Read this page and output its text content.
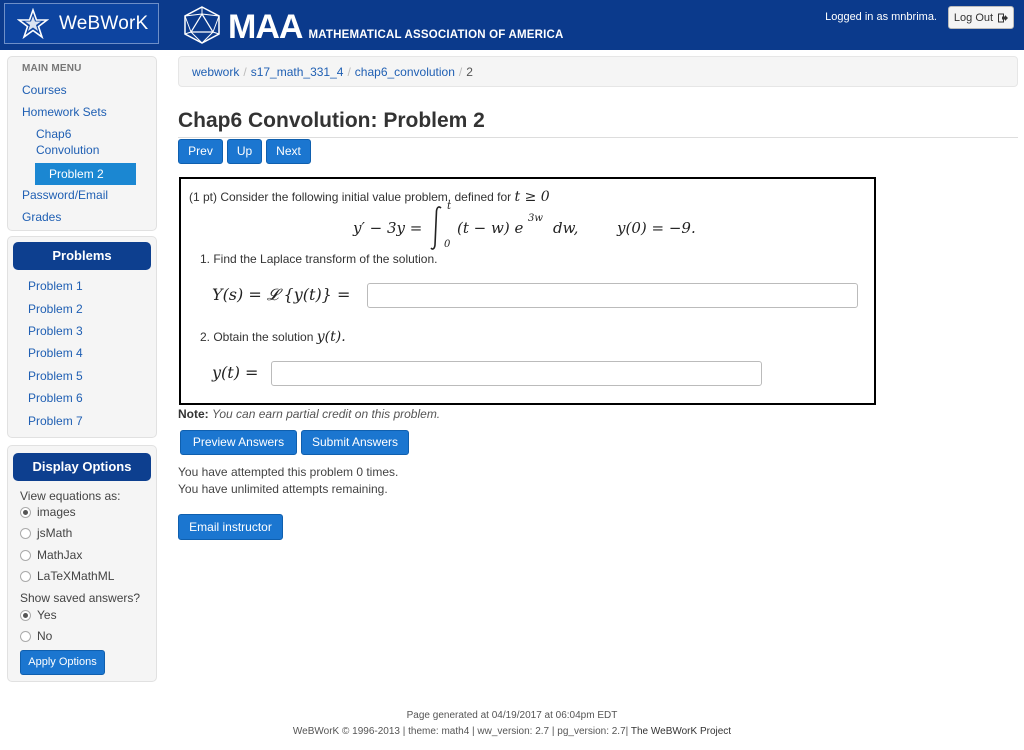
WeBWorK MAA MATHEMATICAL ASSOCIATION OF AMERICA
Logged in as mnbrima. Log Out
MAIN MENU
Courses
Homework Sets
Chap6
Convolution
Problem 2
Password/Email
Grades
Problems
Problem 1
Problem 2
Problem 3
Problem 4
Problem 5
Problem 6
Problem 7
Display Options
View equations as:
images
jsMath
MathJax
LaTeXMathML
Show saved answers?
Yes
No
Apply Options
webwork / s17_math_331_4 / chap6_convolution / 2
Chap6 Convolution: Problem 2
Prev	Up	Next
(1 pt) Consider the following initial value problem, defined for t ≥ 0
y′ − 3y =
t
0
(t − w) e
3w
dw,	y(0) = −9.
1. Find the Laplace transform of the solution.
Y(s) = 𝓛 {y(t)} =
2. Obtain the solution y(t).
y(t) =
Note: You can earn partial credit on this problem.
Preview Answers	Submit Answers
You have attempted this problem 0 times.
You have unlimited attempts remaining.
Email instructor
Page generated at 04/19/2017 at 06:04pm EDT
WeBWorK © 1996-2013 | theme: math4 | ww_version: 2.7 | pg_version: 2.7| The WeBWorK Project
